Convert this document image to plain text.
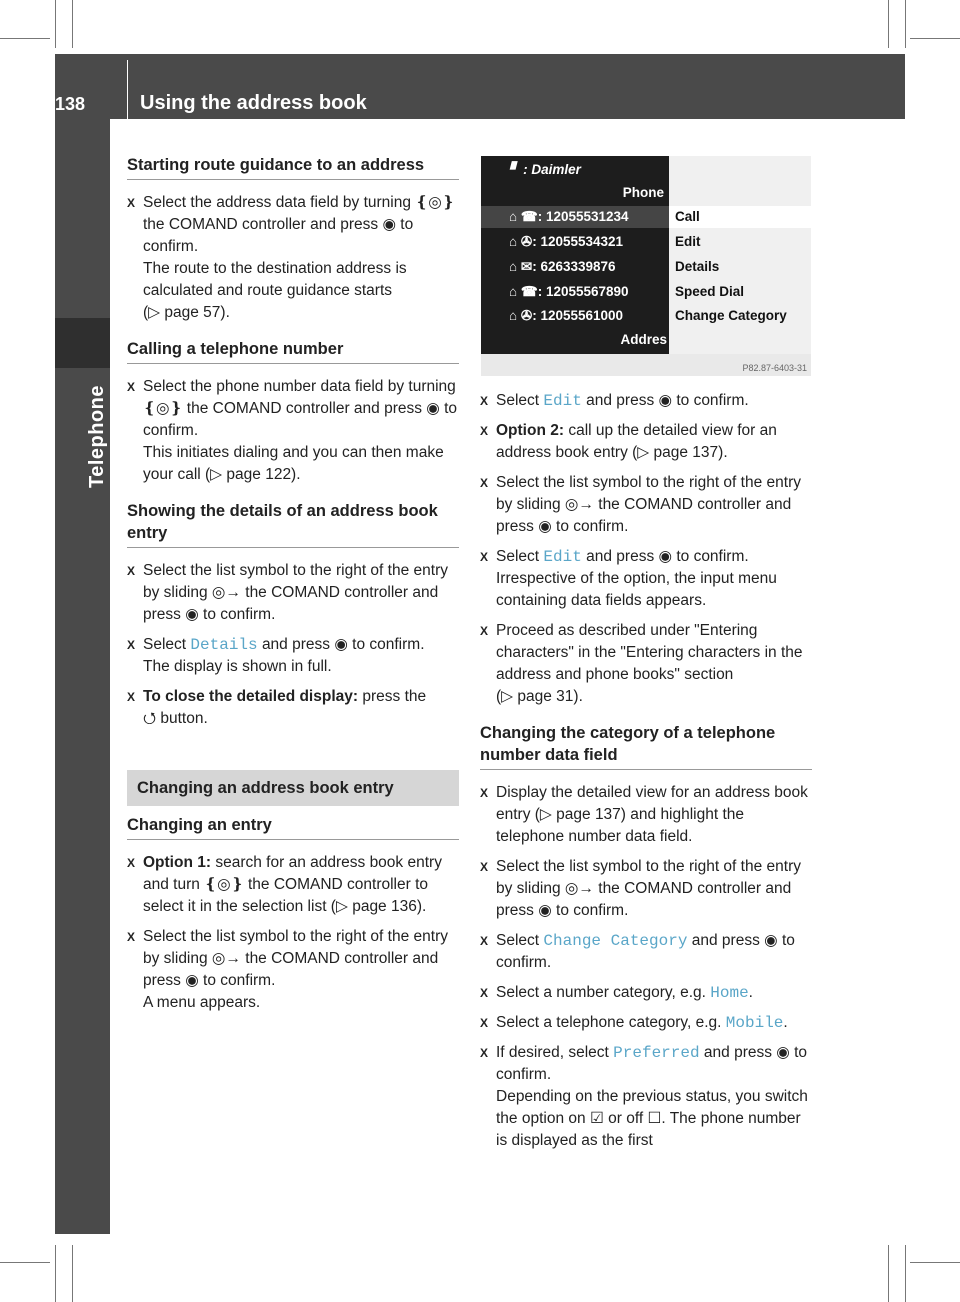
138	Using the address book
Telephone
Starting route guidance to an address
X Select the address data field by turning ❴◎❵ the COMAND controller and press ◉ to confirm.
The route to the destination address is calculated and route guidance starts
(▷ page 57).
Calling a telephone number
X Select the phone number data field by turning ❴◎❵ the COMAND controller and press ◉ to confirm.
This initiates dialing and you can then make your call (▷ page 122).
Showing the details of an address book entry
X Select the list symbol to the right of the entry by sliding ◎→ the COMAND controller and press ◉ to confirm.
X Select Details and press ◉ to confirm.
The display is shown in full.
X To close the detailed display: press the
⭯ button.
Changing an address book entry
Changing an entry
X Option 1: search for an address book entry and turn ❴◎❵ the COMAND controller to select it in the selection list (▷ page 136).
X Select the list symbol to the right of the entry by sliding ◎→ the COMAND controller and press ◉ to confirm.
A menu appears.
▘ : Daimler
Phone
⌂ ☎: 12055531234
⌂ ✇: 12055534321
⌂ ✉: 6263339876
⌂ ☎: 12055567890
⌂ ✇: 12055561000
Addres
Call
Edit
Details
Speed Dial
Change Category
P82.87-6403-31
X Select Edit and press ◉ to confirm.
X Option 2: call up the detailed view for an address book entry (▷ page 137).
X Select the list symbol to the right of the entry by sliding ◎→ the COMAND controller and press ◉ to confirm.
X Select Edit and press ◉ to confirm.
Irrespective of the option, the input menu containing data fields appears.
X Proceed as described under "Entering characters" in the "Entering characters in the address and phone books" section
(▷ page 31).
Changing the category of a telephone number data field
X Display the detailed view for an address book entry (▷ page 137) and highlight the telephone number data field.
X Select the list symbol to the right of the entry by sliding ◎→ the COMAND controller and press ◉ to confirm.
X Select Change Category and press ◉ to confirm.
X Select a number category, e.g. Home.
X Select a telephone category, e.g. Mobile.
X If desired, select Preferred and press ◉ to confirm.
Depending on the previous status, you switch the option on ☑ or off ☐. The phone number is displayed as the first
